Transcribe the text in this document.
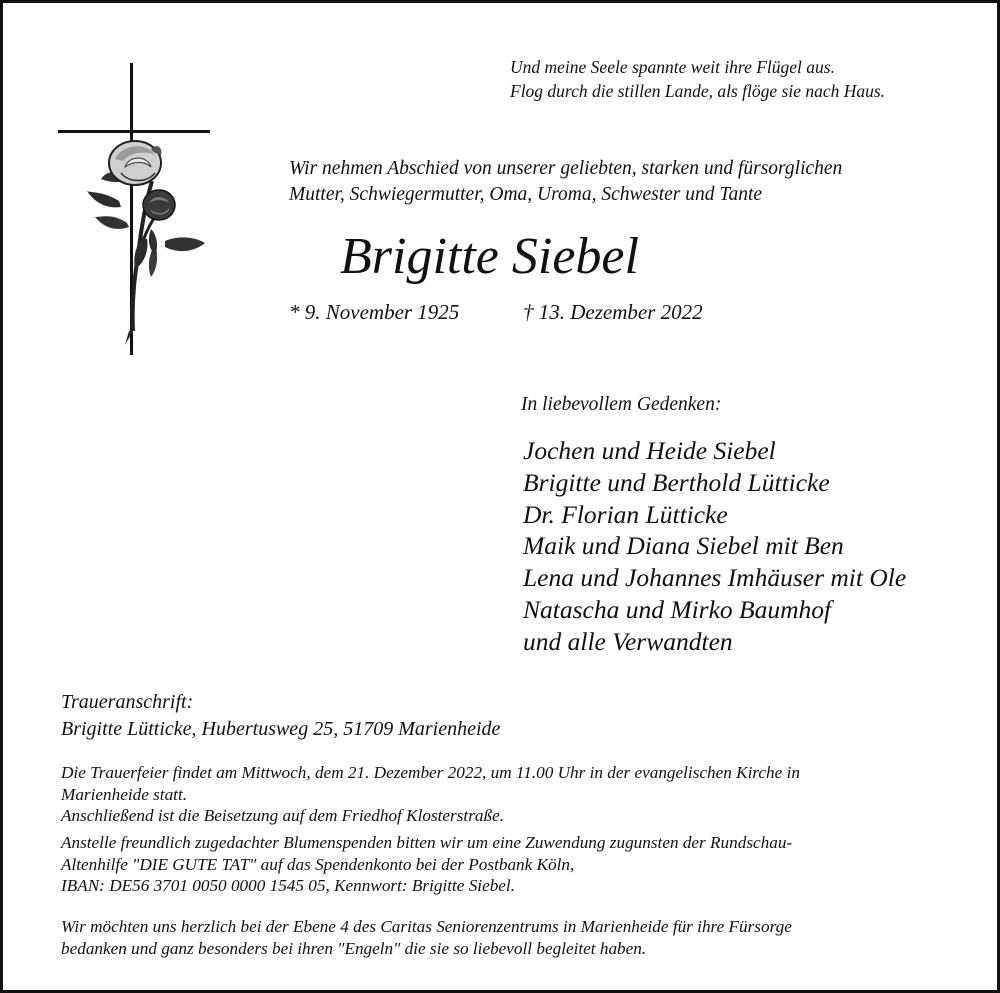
Und meine Seele spannte weit ihre Flügel aus.
Flog durch die stillen Lande, als flöge sie nach Haus.
Wir nehmen Abschied von unserer geliebten, starken und fürsorglichen
Mutter, Schwiegermutter, Oma, Uroma, Schwester und Tante
Brigitte Siebel
* 9. November 1925	† 13. Dezember 2022
In liebevollem Gedenken:
Jochen und Heide Siebel
Brigitte und Berthold Lütticke
Dr. Florian Lütticke
Maik und Diana Siebel mit Ben
Lena und Johannes Imhäuser mit Ole
Natascha und Mirko Baumhof
und alle Verwandten
Traueranschrift:
Brigitte Lütticke, Hubertusweg 25, 51709 Marienheide
Die Trauerfeier findet am Mittwoch, dem 21. Dezember 2022, um 11.00 Uhr in der evangelischen Kirche in
Marienheide statt.
Anschließend ist die Beisetzung auf dem Friedhof Klosterstraße.
Anstelle freundlich zugedachter Blumenspenden bitten wir um eine Zuwendung zugunsten der Rundschau-
Altenhilfe "DIE GUTE TAT" auf das Spendenkonto bei der Postbank Köln,
IBAN: DE56 3701 0050 0000 1545 05, Kennwort: Brigitte Siebel.
Wir möchten uns herzlich bei der Ebene 4 des Caritas Seniorenzentrums in Marienheide für ihre Fürsorge
bedanken und ganz besonders bei ihren "Engeln" die sie so liebevoll begleitet haben.
